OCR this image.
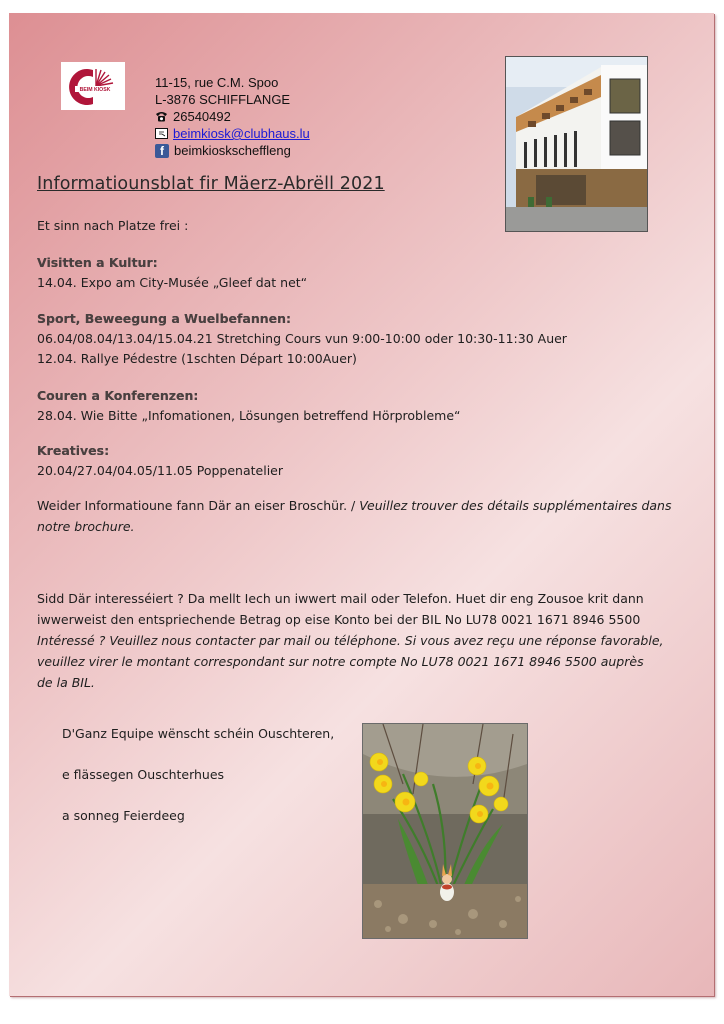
BEIM KIOSK	11-15, rue C.M. Spoo
L-3876 SCHIFFLANGE
26540492
beimkiosk@clubhaus.lu
f beimkioskscheffleng
Informatiounsblat fir Mäerz-Abrëll 2021
Et sinn nach Platze frei :
Visitten a Kultur:
14.04. Expo am City-Musée „Gleef dat net“
Sport, Beweegung a Wuelbefannen:
06.04/08.04/13.04/15.04.21 Stretching Cours vun 9:00-10:00 oder 10:30-11:30 Auer
12.04. Rallye Pédestre (1schten Départ 10:00Auer)
Couren a Konferenzen:
28.04. Wie Bitte „Infomationen, Lösungen betreffend Hörprobleme“
Kreatives:
20.04/27.04/04.05/11.05 Poppenatelier
Weider Informatioune fann Där an eiser Broschür. / Veuillez trouver des détails supplémentaires dans notre brochure.
Sidd Där interesséiert ? Da mellt Iech un iwwert mail oder Telefon. Huet dir eng Zousoe krit dann
iwwerweist den entspriechende Betrag op eise Konto bei der BIL No LU78 0021 1671 8946 5500
Intéressé ? Veuillez nous contacter par mail ou téléphone. Si vous avez reçu une réponse favorable,
veuillez virer le montant correspondant sur notre compte No LU78 0021 1671 8946 5500 auprès
de la BIL.
D'Ganz Equipe wënscht schéin Ouschteren,
e flässegen Ouschterhues
a sonneg Feierdeeg
